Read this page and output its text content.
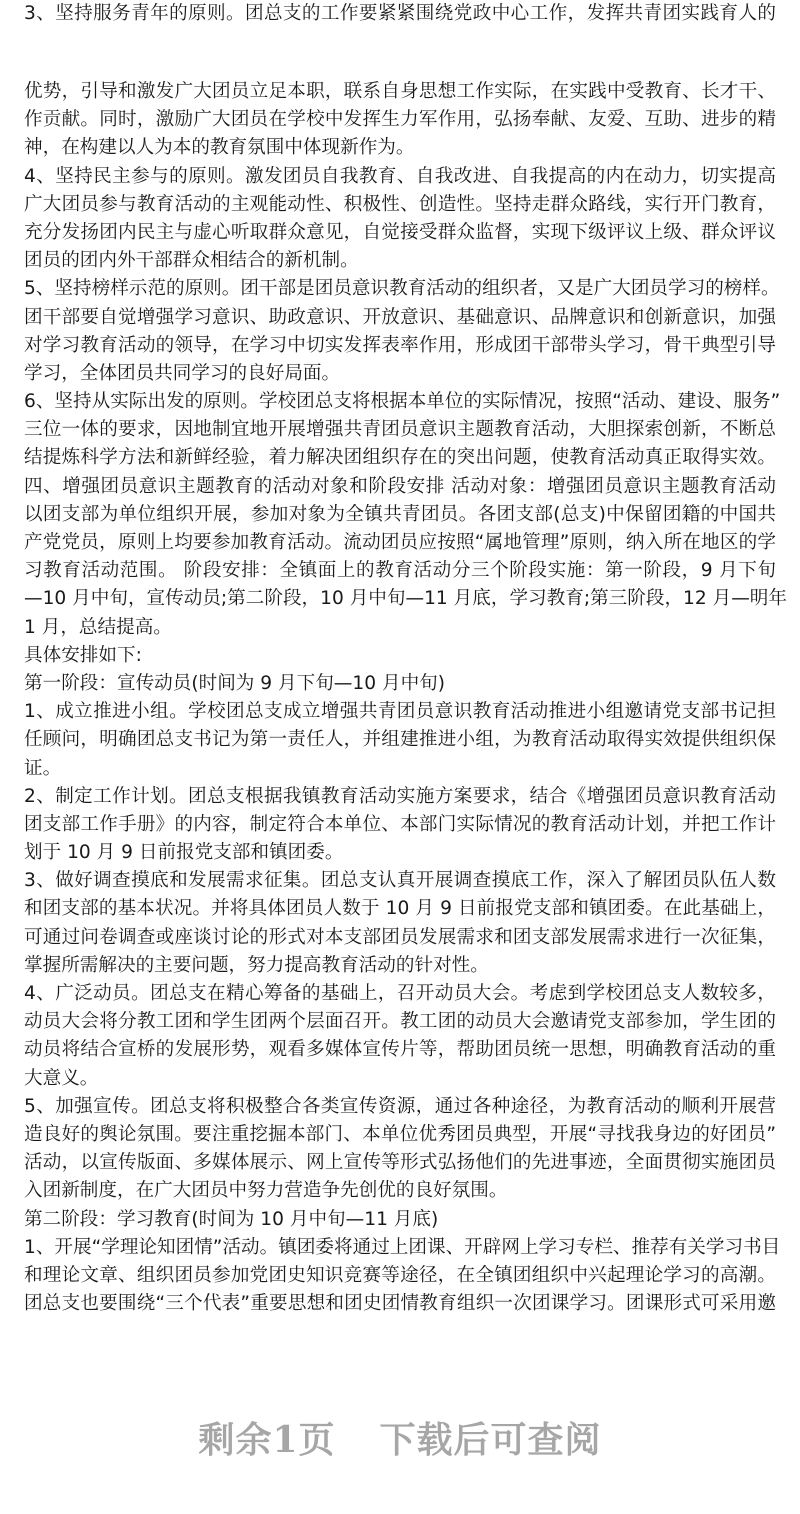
3、坚持服务青年的原则。团总支的工作要紧紧围绕党政中心工作，发挥共青团实践育人的
优势，引导和激发广大团员立足本职，联系自身思想工作实际，在实践中受教育、长才干、
作贡献。同时，激励广大团员在学校中发挥生力军作用，弘扬奉献、友爱、互助、进步的精
神，在构建以人为本的教育氛围中体现新作为。
4、坚持民主参与的原则。激发团员自我教育、自我改进、自我提高的内在动力，切实提高
广大团员参与教育活动的主观能动性、积极性、创造性。坚持走群众路线，实行开门教育，
充分发扬团内民主与虚心听取群众意见，自觉接受群众监督，实现下级评议上级、群众评议
团员的团内外干部群众相结合的新机制。
5、坚持榜样示范的原则。团干部是团员意识教育活动的组织者，又是广大团员学习的榜样。
团干部要自觉增强学习意识、助政意识、开放意识、基础意识、品牌意识和创新意识，加强
对学习教育活动的领导，在学习中切实发挥表率作用，形成团干部带头学习，骨干典型引导
学习，全体团员共同学习的良好局面。
6、坚持从实际出发的原则。学校团总支将根据本单位的实际情况，按照“活动、建设、服务”
三位一体的要求，因地制宜地开展增强共青团员意识主题教育活动，大胆探索创新，不断总
结提炼科学方法和新鲜经验，着力解决团组织存在的突出问题，使教育活动真正取得实效。
四、增强团员意识主题教育的活动对象和阶段安排 活动对象：增强团员意识主题教育活动
以团支部为单位组织开展，参加对象为全镇共青团员。各团支部(总支)中保留团籍的中国共
产党党员，原则上均要参加教育活动。流动团员应按照“属地管理”原则，纳入所在地区的学
习教育活动范围。 阶段安排：全镇面上的教育活动分三个阶段实施：第一阶段，9 月下旬
—10 月中旬，宣传动员;第二阶段，10 月中旬—11 月底，学习教育;第三阶段，12 月—明年
1 月，总结提高。
具体安排如下:
第一阶段：宣传动员(时间为 9 月下旬—10 月中旬)
1、成立推进小组。学校团总支成立增强共青团员意识教育活动推进小组邀请党支部书记担
任顾问，明确团总支书记为第一责任人，并组建推进小组，为教育活动取得实效提供组织保
证。
2、制定工作计划。团总支根据我镇教育活动实施方案要求，结合《增强团员意识教育活动
团支部工作手册》的内容，制定符合本单位、本部门实际情况的教育活动计划，并把工作计
划于 10 月 9 日前报党支部和镇团委。
3、做好调查摸底和发展需求征集。团总支认真开展调查摸底工作，深入了解团员队伍人数
和团支部的基本状况。并将具体团员人数于 10 月 9 日前报党支部和镇团委。在此基础上，
可通过问卷调查或座谈讨论的形式对本支部团员发展需求和团支部发展需求进行一次征集，
掌握所需解决的主要问题，努力提高教育活动的针对性。
4、广泛动员。团总支在精心筹备的基础上，召开动员大会。考虑到学校团总支人数较多，
动员大会将分教工团和学生团两个层面召开。教工团的动员大会邀请党支部参加，学生团的
动员将结合宣桥的发展形势，观看多媒体宣传片等，帮助团员统一思想，明确教育活动的重
大意义。
5、加强宣传。团总支将积极整合各类宣传资源，通过各种途径，为教育活动的顺利开展营
造良好的舆论氛围。要注重挖掘本部门、本单位优秀团员典型，开展“寻找我身边的好团员”
活动，以宣传版面、多媒体展示、网上宣传等形式弘扬他们的先进事迹，全面贯彻实施团员
入团新制度，在广大团员中努力营造争先创优的良好氛围。
第二阶段：学习教育(时间为 10 月中旬—11 月底)
1、开展“学理论知团情”活动。镇团委将通过上团课、开辟网上学习专栏、推荐有关学习书目
和理论文章、组织团员参加党团史知识竞赛等途径，在全镇团组织中兴起理论学习的高潮。
团总支也要围绕“三个代表”重要思想和团史团情教育组织一次团课学习。团课形式可采用邀
剩余1页 下载后可查阅
